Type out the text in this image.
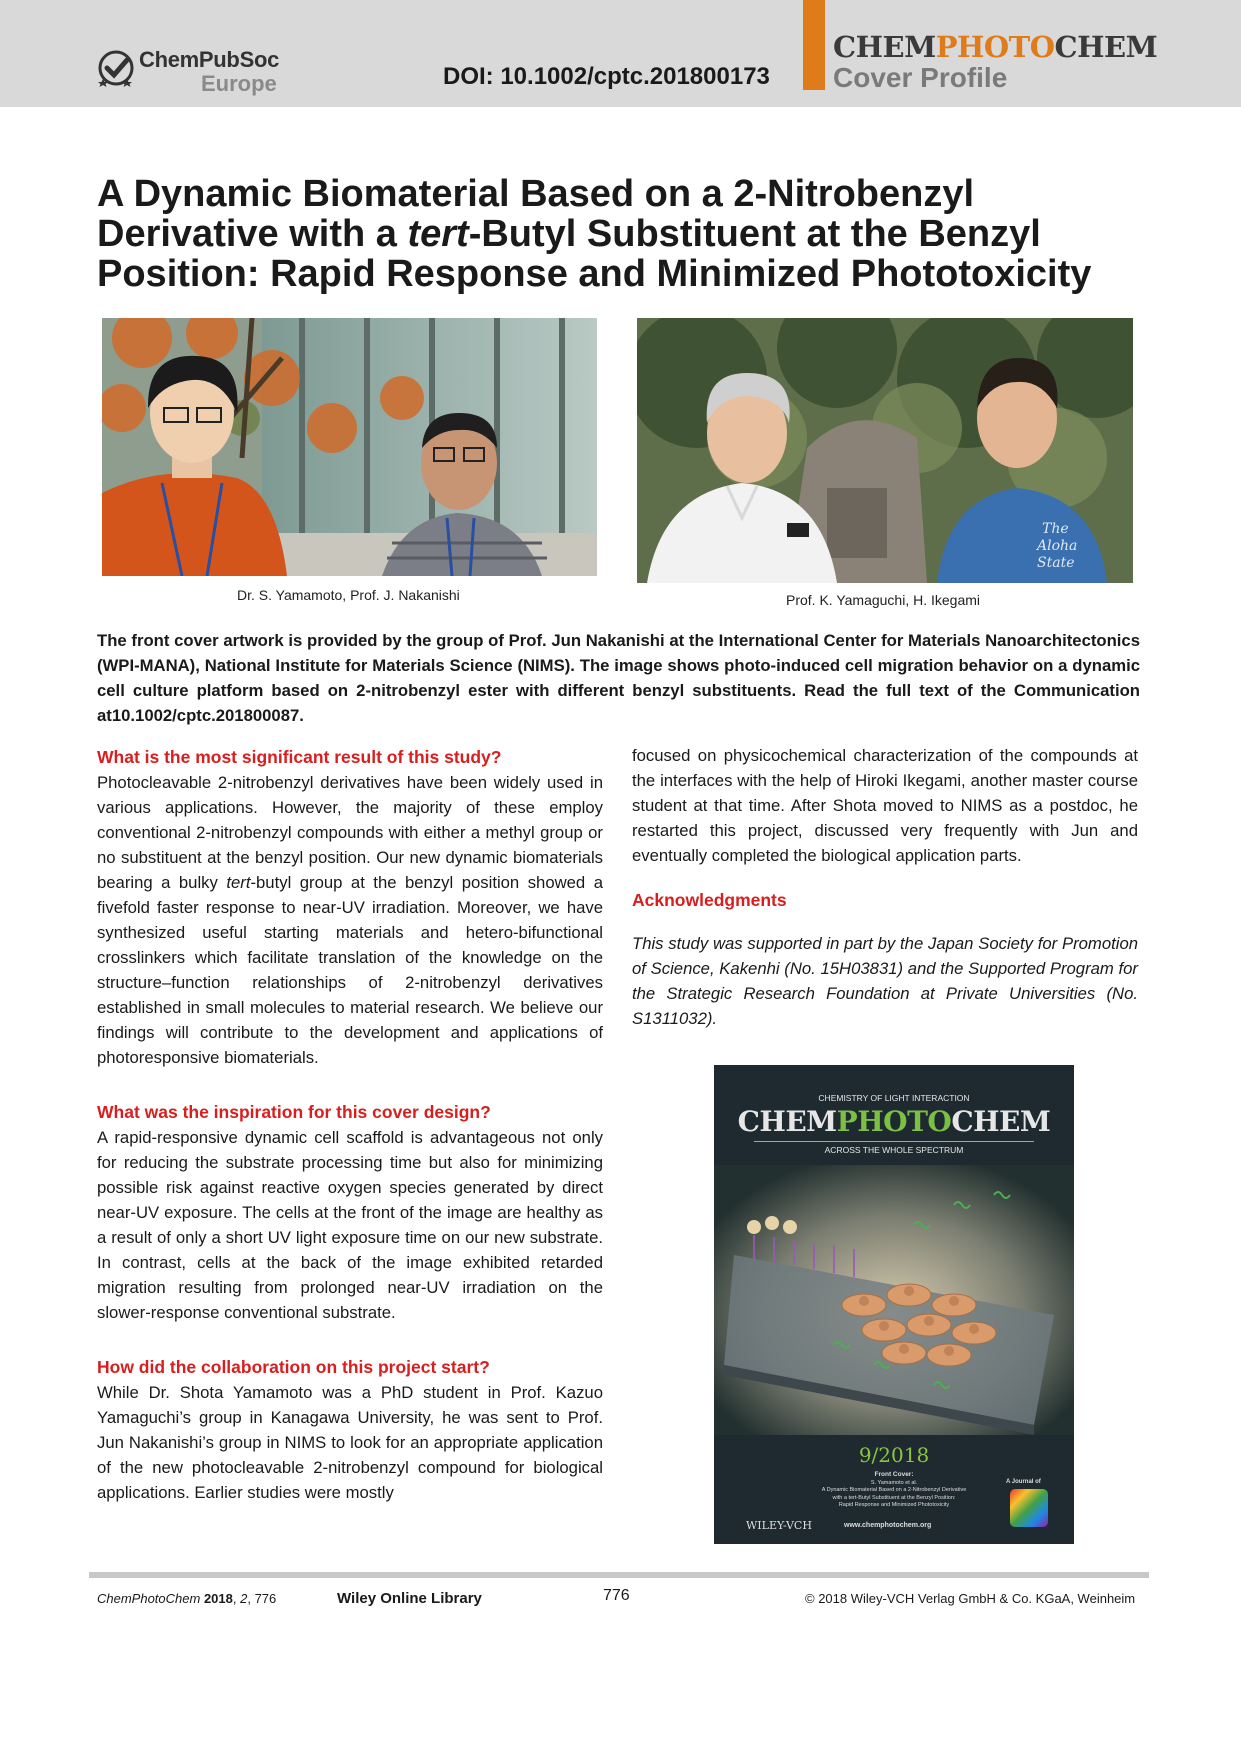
ChemPubSoc
Europe	DOI: 10.1002/cptc.201800173
CHEMPHOTOCHEM
Cover Profile
A Dynamic Biomaterial Based on a 2-Nitrobenzyl
Derivative with a tert-Butyl Substituent at the Benzyl
Position: Rapid Response and Minimized Phototoxicity
Dr. S. Yamamoto, Prof. J. Nakanishi
The
Aloha
State
Prof. K. Yamaguchi, H. Ikegami
The front cover artwork is provided by the group of Prof. Jun Nakanishi at the International Center for Materials Nanoarchitectonics (WPI-MANA), National Institute for Materials Science (NIMS). The image shows photo-induced cell migration behavior on a dynamic cell culture platform based on 2-nitrobenzyl ester with different benzyl substituents. Read the full text of the Communication at10.1002/cptc.201800087.

What is the most significant result of this study?

Photocleavable 2-nitrobenzyl derivatives have been widely used in various applications. However, the majority of these employ conventional 2-nitrobenzyl compounds with either a methyl group or no substituent at the benzyl position. Our new dynamic biomaterials bearing a bulky tert-butyl group at the benzyl position showed a fivefold faster response to near-UV irradiation. Moreover, we have synthesized useful starting materials and hetero-bifunctional crosslinkers which facilitate translation of the knowledge on the structure–function relationships of 2-nitrobenzyl derivatives established in small molecules to material research. We believe our findings will contribute to the development and applications of photoresponsive biomaterials.

What was the inspiration for this cover design?

A rapid-responsive dynamic cell scaffold is advantageous not only for reducing the substrate processing time but also for minimizing possible risk against reactive oxygen species generated by direct near-UV exposure. The cells at the front of the image are healthy as a result of only a short UV light exposure time on our new substrate. In contrast, cells at the back of the image exhibited retarded migration resulting from prolonged near-UV irradiation on the slower-response conventional substrate.

How did the collaboration on this project start?

While Dr. Shota Yamamoto was a PhD student in Prof. Kazuo Yamaguchi’s group in Kanagawa University, he was sent to Prof. Jun Nakanishi’s group in NIMS to look for an appropriate application of the new photocleavable 2-nitrobenzyl compound for biological applications. Earlier studies were mostly

focused on physicochemical characterization of the compounds at the interfaces with the help of Hiroki Ikegami, another master course student at that time. After Shota moved to NIMS as a postdoc, he restarted this project, discussed very frequently with Jun and eventually completed the biological application parts.

Acknowledgments

This study was supported in part by the Japan Society for Promotion of Science, Kakenhi (No. 15H03831) and the Supported Program for the Strategic Research Foundation at Private Universities (No. S1311032).

CHEMISTRY OF LIGHT INTERACTION
CHEMPHOTOCHEM
ACROSS THE WHOLE SPECTRUM
9/2018
Front Cover:
S. Yamamoto et al.
A Dynamic Biomaterial Based on a 2-Nitrobenzyl Derivative
with a tert-Butyl Substituent at the Benzyl Position:
Rapid Response and Minimized Phototoxicity
A Journal of
WILEY-VCH	www.chemphotochem.org
ChemPhotoChem 2018, 2, 776	Wiley Online Library	776	© 2018 Wiley-VCH Verlag GmbH & Co. KGaA, Weinheim
